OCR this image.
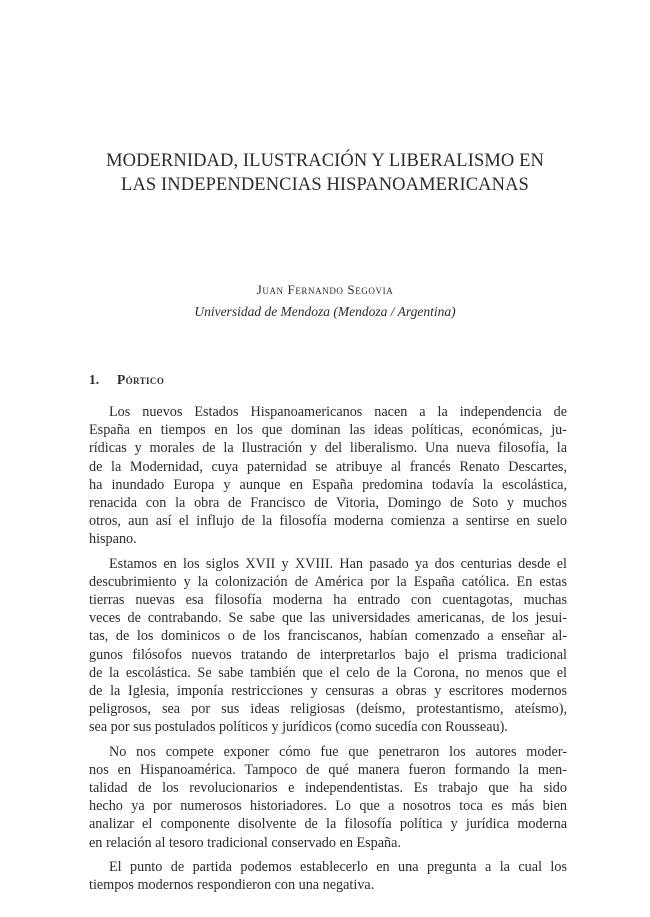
MODERNIDAD, ILUSTRACIÓN Y LIBERALISMO EN
LAS INDEPENDENCIAS HISPANOAMERICANAS
Juan Fernando Segovia
Universidad de Mendoza (Mendoza / Argentina)
1. Pórtico

Los nuevos Estados Hispanoamericanos nacen a la independencia de
España en tiempos en los que dominan las ideas políticas, económicas, ju-
rídicas y morales de la Ilustración y del liberalismo. Una nueva filosofía, la
de la Modernidad, cuya paternidad se atribuye al francés Renato Descartes,
ha inundado Europa y aunque en España predomina todavía la escolástica,
renacida con la obra de Francisco de Vitoria, Domingo de Soto y muchos
otros, aun así el influjo de la filosofía moderna comienza a sentirse en suelo
hispano.

Estamos en los siglos XVII y XVIII. Han pasado ya dos centurias desde el
descubrimiento y la colonización de América por la España católica. En estas
tierras nuevas esa filosofía moderna ha entrado con cuentagotas, muchas
veces de contrabando. Se sabe que las universidades americanas, de los jesui-
tas, de los dominicos o de los franciscanos, habían comenzado a enseñar al-
gunos filósofos nuevos tratando de interpretarlos bajo el prisma tradicional
de la escolástica. Se sabe también que el celo de la Corona, no menos que el
de la Iglesia, imponía restricciones y censuras a obras y escritores modernos
peligrosos, sea por sus ideas religiosas (deísmo, protestantismo, ateísmo),
sea por sus postulados políticos y jurídicos (como sucedía con Rousseau).

No nos compete exponer cómo fue que penetraron los autores moder-
nos en Hispanoamérica. Tampoco de qué manera fueron formando la men-
talidad de los revolucionarios e independentistas. Es trabajo que ha sido
hecho ya por numerosos historiadores. Lo que a nosotros toca es más bien
analizar el componente disolvente de la filosofía política y jurídica moderna
en relación al tesoro tradicional conservado en España.

El punto de partida podemos establecerlo en una pregunta a la cual los
tiempos modernos respondieron con una negativa.
